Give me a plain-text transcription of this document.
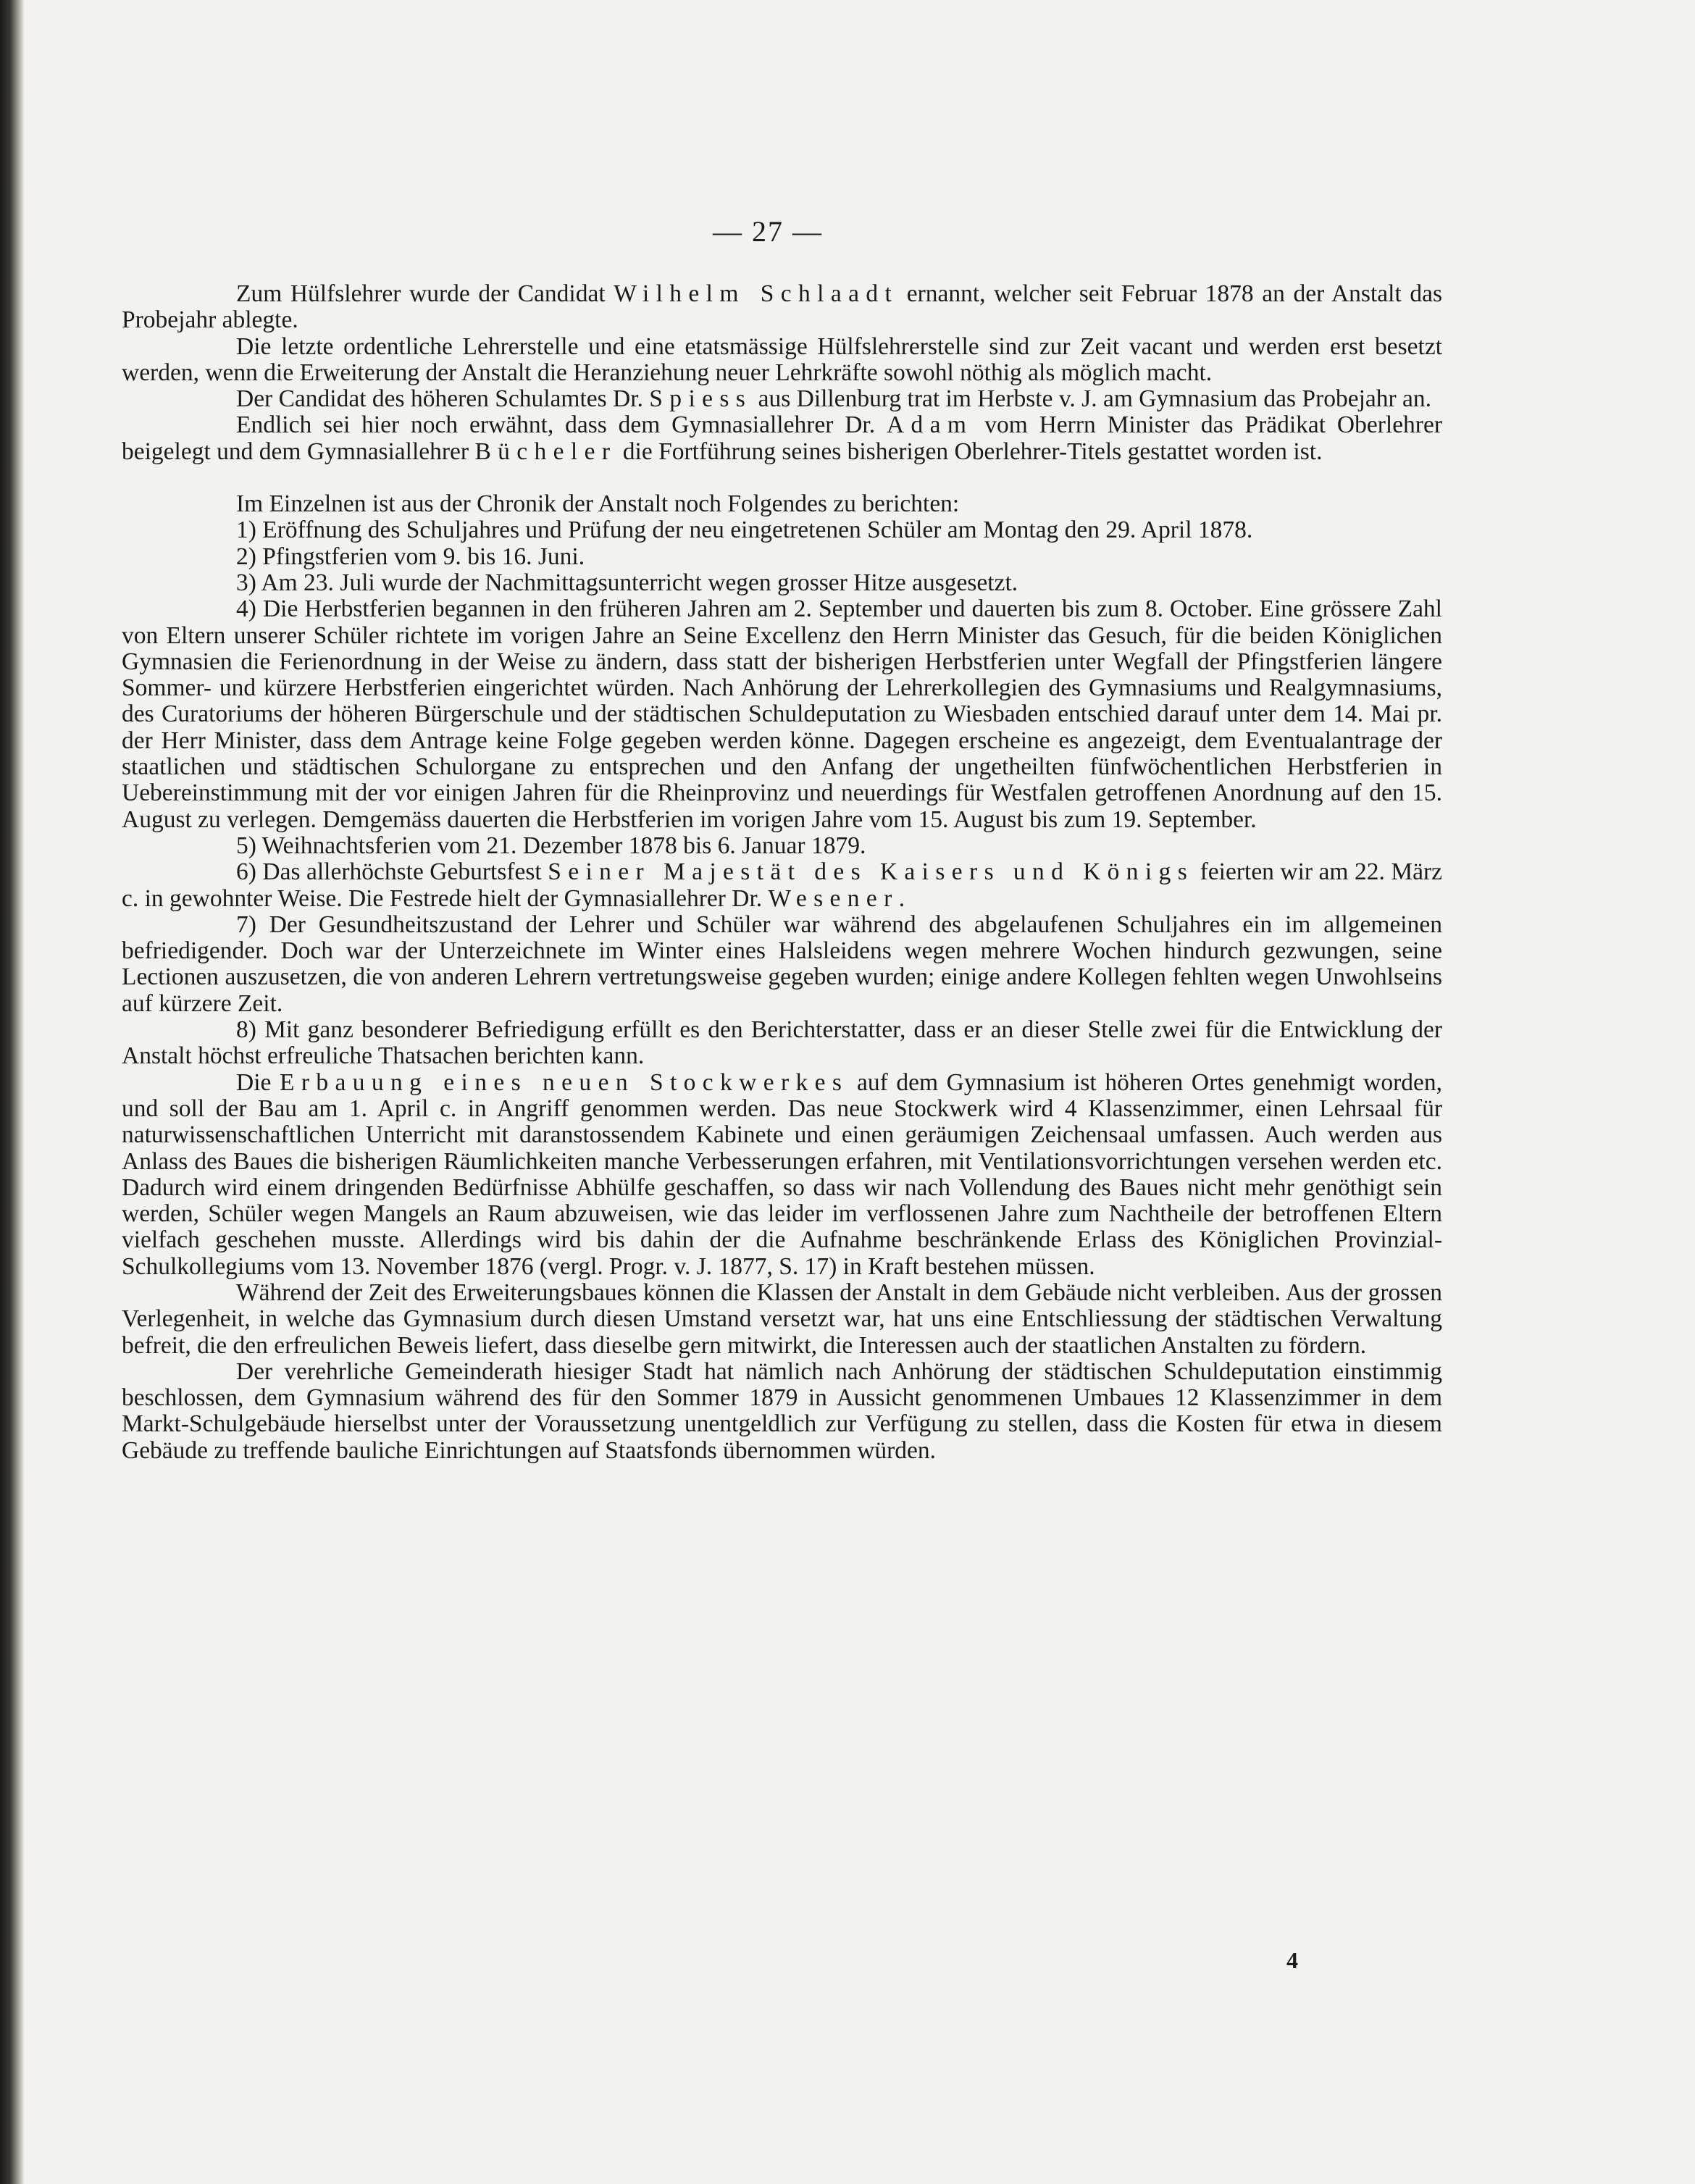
— 27 —

Zum Hülfslehrer wurde der Candidat Wilhelm Schlaadt ernannt, welcher seit Februar 1878 an der Anstalt das Probejahr ablegte.

Die letzte ordentliche Lehrerstelle und eine etatsmässige Hülfslehrerstelle sind zur Zeit vacant und werden erst besetzt werden, wenn die Erweiterung der Anstalt die Heranziehung neuer Lehrkräfte sowohl nöthig als möglich macht.

Der Candidat des höheren Schulamtes Dr. Spiess aus Dillenburg trat im Herbste v. J. am Gymnasium das Probejahr an.

Endlich sei hier noch erwähnt, dass dem Gymnasiallehrer Dr. Adam vom Herrn Minister das Prädikat Oberlehrer beigelegt und dem Gymnasiallehrer Bücheler die Fortführung seines bisherigen Oberlehrer-Titels gestattet worden ist.

Im Einzelnen ist aus der Chronik der Anstalt noch Folgendes zu berichten:

1) Eröffnung des Schuljahres und Prüfung der neu eingetretenen Schüler am Montag den 29. April 1878.

2) Pfingstferien vom 9. bis 16. Juni.

3) Am 23. Juli wurde der Nachmittagsunterricht wegen grosser Hitze ausgesetzt.

4) Die Herbstferien begannen in den früheren Jahren am 2. September und dauerten bis zum 8. October. Eine grössere Zahl von Eltern unserer Schüler richtete im vorigen Jahre an Seine Excellenz den Herrn Minister das Gesuch, für die beiden Königlichen Gymnasien die Ferienordnung in der Weise zu ändern, dass statt der bisherigen Herbstferien unter Wegfall der Pfingstferien längere Sommer- und kürzere Herbstferien eingerichtet würden. Nach Anhörung der Lehrerkollegien des Gymnasiums und Realgymnasiums, des Curatoriums der höheren Bürgerschule und der städtischen Schuldeputation zu Wiesbaden entschied darauf unter dem 14. Mai pr. der Herr Minister, dass dem Antrage keine Folge gegeben werden könne. Dagegen erscheine es angezeigt, dem Eventualantrage der staatlichen und städtischen Schulorgane zu entsprechen und den Anfang der ungetheilten fünfwöchentlichen Herbstferien in Uebereinstimmung mit der vor einigen Jahren für die Rheinprovinz und neuerdings für Westfalen getroffenen Anordnung auf den 15. August zu verlegen. Demgemäss dauerten die Herbstferien im vorigen Jahre vom 15. August bis zum 19. September.

5) Weihnachtsferien vom 21. Dezember 1878 bis 6. Januar 1879.

6) Das allerhöchste Geburtsfest Seiner Majestät des Kaisers und Königs feierten wir am 22. März c. in gewohnter Weise. Die Festrede hielt der Gymnasiallehrer Dr. Wesener.

7) Der Gesundheitszustand der Lehrer und Schüler war während des abgelaufenen Schuljahres ein im allgemeinen befriedigender. Doch war der Unterzeichnete im Winter eines Halsleidens wegen mehrere Wochen hindurch gezwungen, seine Lectionen auszusetzen, die von anderen Lehrern vertretungsweise gegeben wurden; einige andere Kollegen fehlten wegen Unwohlseins auf kürzere Zeit.

8) Mit ganz besonderer Befriedigung erfüllt es den Berichterstatter, dass er an dieser Stelle zwei für die Entwicklung der Anstalt höchst erfreuliche Thatsachen berichten kann.

Die Erbauung eines neuen Stockwerkes auf dem Gymnasium ist höheren Ortes genehmigt worden, und soll der Bau am 1. April c. in Angriff genommen werden. Das neue Stockwerk wird 4 Klassenzimmer, einen Lehrsaal für naturwissenschaftlichen Unterricht mit daranstossendem Kabinete und einen geräumigen Zeichensaal umfassen. Auch werden aus Anlass des Baues die bisherigen Räumlichkeiten manche Verbesserungen erfahren, mit Ventilationsvorrichtungen versehen werden etc. Dadurch wird einem dringenden Bedürfnisse Abhülfe geschaffen, so dass wir nach Vollendung des Baues nicht mehr genöthigt sein werden, Schüler wegen Mangels an Raum abzuweisen, wie das leider im verflossenen Jahre zum Nachtheile der betroffenen Eltern vielfach geschehen musste. Allerdings wird bis dahin der die Aufnahme beschränkende Erlass des Königlichen Provinzial-Schulkollegiums vom 13. November 1876 (vergl. Progr. v. J. 1877, S. 17) in Kraft bestehen müssen.

Während der Zeit des Erweiterungsbaues können die Klassen der Anstalt in dem Gebäude nicht verbleiben. Aus der grossen Verlegenheit, in welche das Gymnasium durch diesen Umstand versetzt war, hat uns eine Entschliessung der städtischen Verwaltung befreit, die den erfreulichen Beweis liefert, dass dieselbe gern mitwirkt, die Interessen auch der staatlichen Anstalten zu fördern.

Der verehrliche Gemeinderath hiesiger Stadt hat nämlich nach Anhörung der städtischen Schuldeputation einstimmig beschlossen, dem Gymnasium während des für den Sommer 1879 in Aussicht genommenen Umbaues 12 Klassenzimmer in dem Markt-Schulgebäude hierselbst unter der Voraussetzung unentgeldlich zur Verfügung zu stellen, dass die Kosten für etwa in diesem Gebäude zu treffende bauliche Einrichtungen auf Staatsfonds übernommen würden.

4
